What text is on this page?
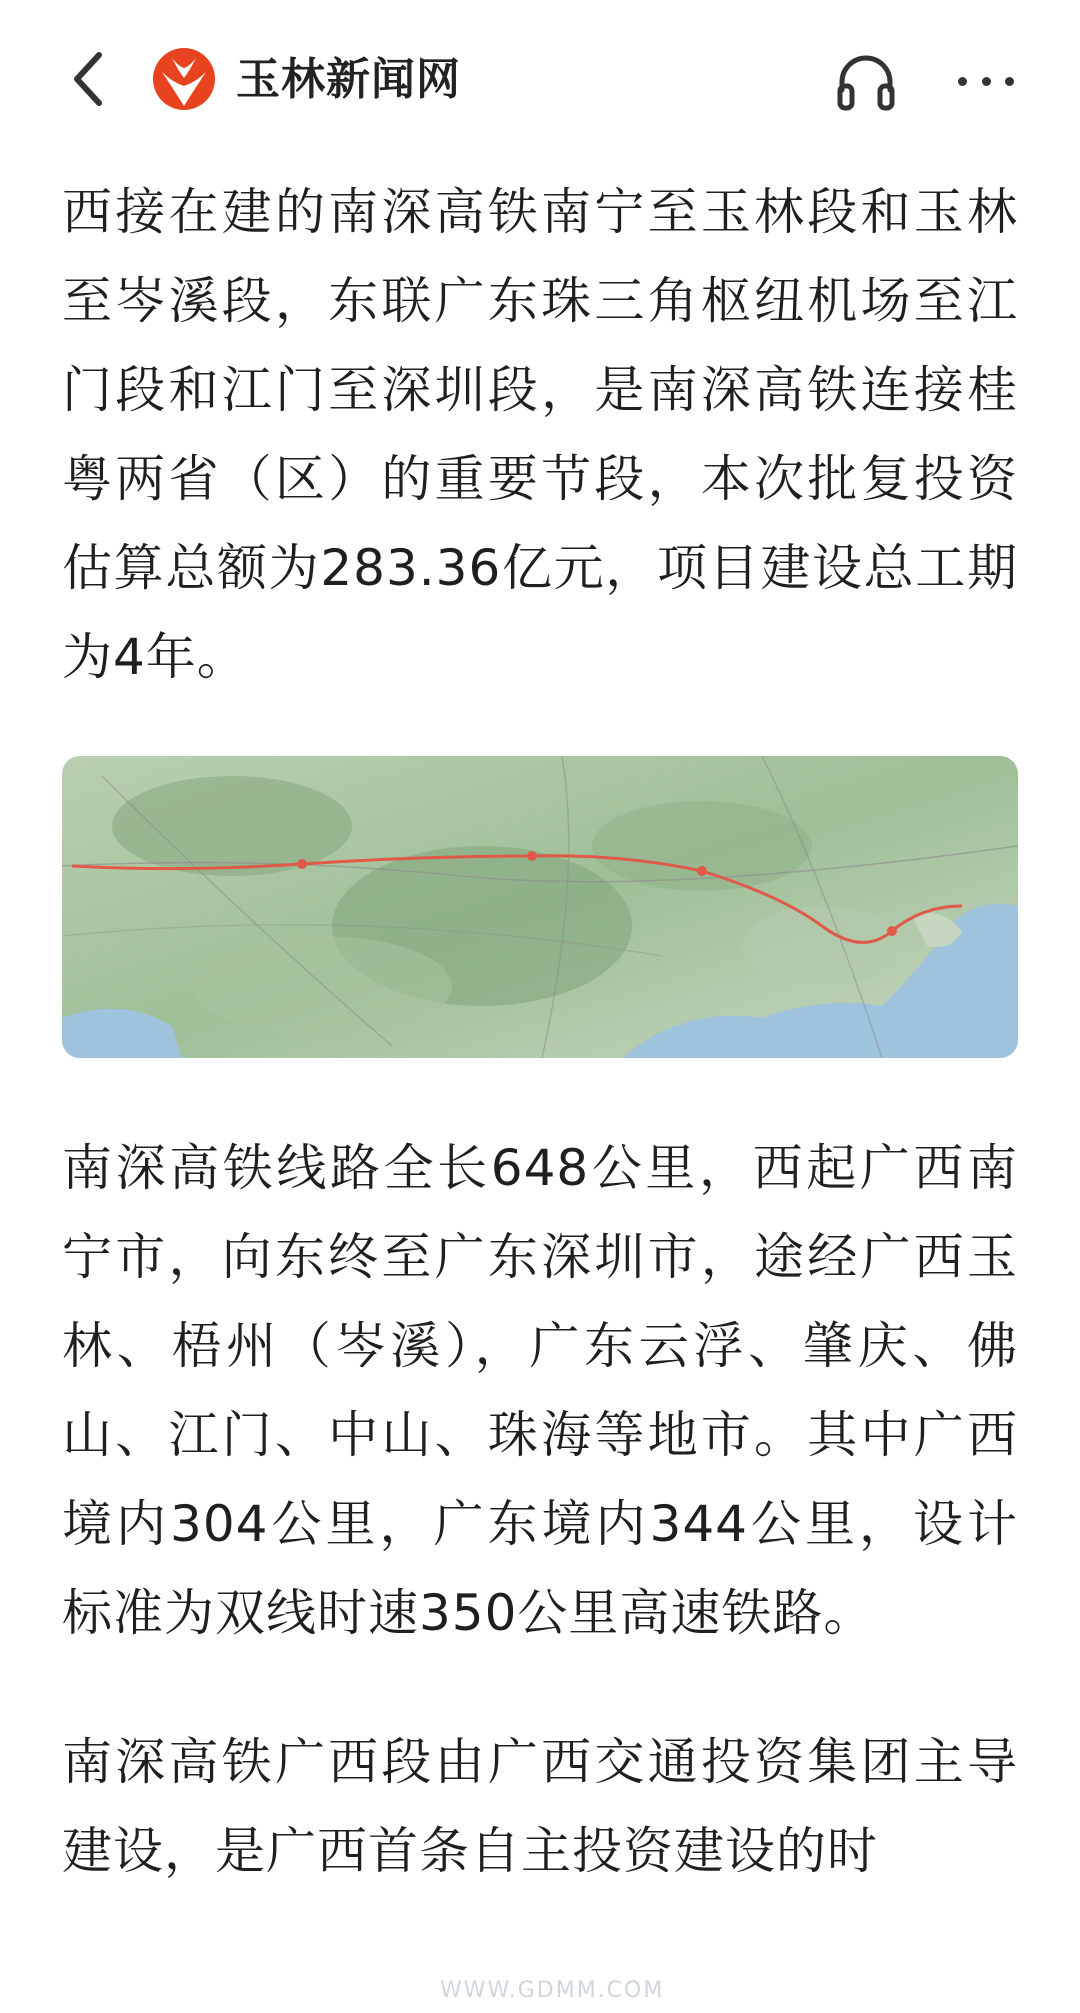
玉林新闻网

西接在建的南深高铁南宁至玉林段和玉林至岑溪段，东联广东珠三角枢纽机场至江门段和江门至深圳段，是南深高铁连接桂粤两省（区）的重要节段，本次批复投资估算总额为283.36亿元，项目建设总工期为4年。

南深高铁线路全长648公里，西起广西南宁市，向东终至广东深圳市，途经广西玉林、梧州（岑溪），广东云浮、肇庆、佛山、江门、中山、珠海等地市。其中广西境内304公里，广东境内344公里，设计标准为双线时速350公里高速铁路。

南深高铁广西段由广西交通投资集团主导建设，是广西首条自主投资建设的时

WWW.GDMM.COM
